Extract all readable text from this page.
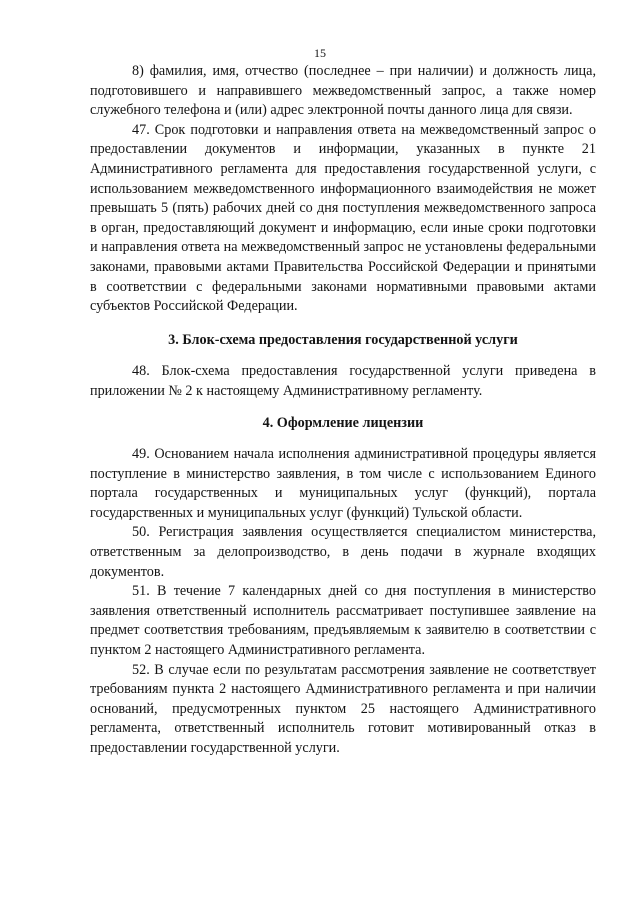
15

8) фамилия, имя, отчество (последнее – при наличии) и должность лица, подготовившего и направившего межведомственный запрос, а также номер служебного телефона и (или) адрес электронной почты данного лица для связи.

47. Срок подготовки и направления ответа на межведомственный запрос о предоставлении документов и информации, указанных в пункте 21 Административного регламента для предоставления государственной услуги, с использованием межведомственного информационного взаимодействия не может превышать 5 (пять) рабочих дней со дня поступления межведомственного запроса в орган, предоставляющий документ и информацию, если иные сроки подготовки и направления ответа на межведомственный запрос не установлены федеральными законами, правовыми актами Правительства Российской Федерации и принятыми в соответствии с федеральными законами нормативными правовыми актами субъектов Российской Федерации.

3. Блок-схема предоставления государственной услуги

48. Блок-схема предоставления государственной услуги приведена в приложении № 2 к настоящему Административному регламенту.

4. Оформление лицензии

49. Основанием начала исполнения административной процедуры является поступление в министерство заявления, в том числе с использованием Единого портала государственных и муниципальных услуг (функций), портала государственных и муниципальных услуг (функций) Тульской области.

50. Регистрация заявления осуществляется специалистом министерства, ответственным за делопроизводство, в день подачи в журнале входящих документов.

51. В течение 7 календарных дней со дня поступления в министерство заявления ответственный исполнитель рассматривает поступившее заявление на предмет соответствия требованиям, предъявляемым к заявителю в соответствии с пунктом 2 настоящего Административного регламента.

52. В случае если по результатам рассмотрения заявление не соответствует требованиям пункта 2 настоящего Административного регламента и при наличии оснований, предусмотренных пунктом 25 настоящего Административного регламента, ответственный исполнитель готовит мотивированный отказ в предоставлении государственной услуги.
